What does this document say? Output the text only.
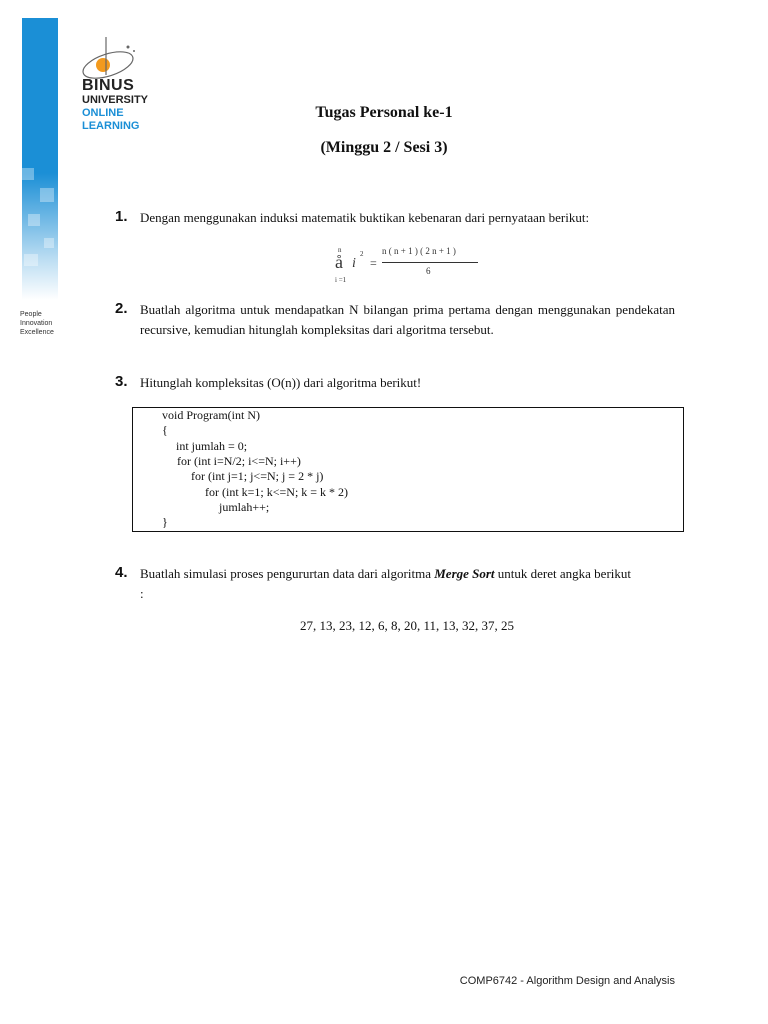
People
Innovation
Excellence
BINUS
UNIVERSITY
ONLINE
LEARNING
Tugas Personal ke-1
(Minggu 2 / Sesi 3)
1. Dengan menggunakan induksi matematik buktikan kebenaran dari pernyataan berikut:
n
å
i =1
i
2
=
n ( n + 1 ) ( 2 n + 1 )
6
2. Buatlah algoritma untuk mendapatkan N bilangan prima pertama dengan menggunakan pendekatan recursive, kemudian hitunglah kompleksitas dari algoritma tersebut.
3. Hitunglah kompleksitas (O(n)) dari algoritma berikut!
void Program(int N)
{
int jumlah = 0;
for (int i=N/2; i<=N; i++)
for (int j=1; j<=N; j = 2 * j)
for (int k=1; k<=N; k = k * 2)
jumlah++;
}
4. Buatlah simulasi proses pengururtan data dari algoritma Merge Sort untuk deret angka berikut :
27, 13, 23, 12, 6, 8, 20, 11, 13, 32, 37, 25
COMP6742 - Algorithm Design and Analysis
